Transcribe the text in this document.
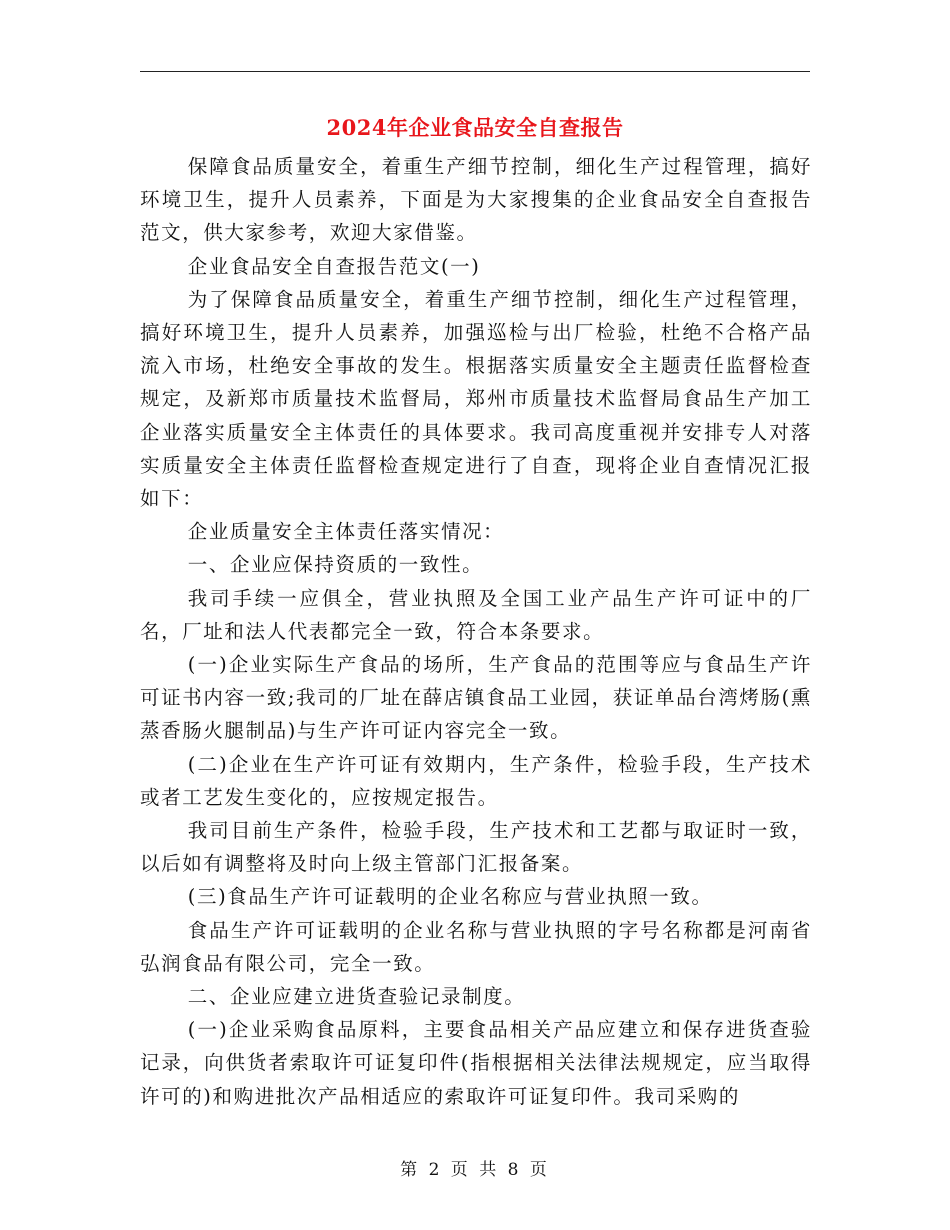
2024年企业食品安全自查报告

保障食品质量安全，着重生产细节控制，细化生产过程管理，搞好环境卫生，提升人员素养，下面是为大家搜集的企业食品安全自查报告范文，供大家参考，欢迎大家借鉴。

企业食品安全自查报告范文(一)

为了保障食品质量安全，着重生产细节控制，细化生产过程管理，搞好环境卫生，提升人员素养，加强巡检与出厂检验，杜绝不合格产品流入市场，杜绝安全事故的发生。根据落实质量安全主题责任监督检查规定，及新郑市质量技术监督局，郑州市质量技术监督局食品生产加工企业落实质量安全主体责任的具体要求。我司高度重视并安排专人对落实质量安全主体责任监督检查规定进行了自查，现将企业自查情况汇报如下：

企业质量安全主体责任落实情况：

一、企业应保持资质的一致性。

我司手续一应俱全，营业执照及全国工业产品生产许可证中的厂名，厂址和法人代表都完全一致，符合本条要求。

(一)企业实际生产食品的场所，生产食品的范围等应与食品生产许可证书内容一致;我司的厂址在薛店镇食品工业园，获证单品台湾烤肠(熏蒸香肠火腿制品)与生产许可证内容完全一致。

(二)企业在生产许可证有效期内，生产条件，检验手段，生产技术或者工艺发生变化的，应按规定报告。

我司目前生产条件，检验手段，生产技术和工艺都与取证时一致，以后如有调整将及时向上级主管部门汇报备案。

(三)食品生产许可证载明的企业名称应与营业执照一致。

食品生产许可证载明的企业名称与营业执照的字号名称都是河南省弘润食品有限公司，完全一致。

二、企业应建立进货查验记录制度。

(一)企业采购食品原料，主要食品相关产品应建立和保存进货查验记录，向供货者索取许可证复印件(指根据相关法律法规规定，应当取得许可的)和购进批次产品相适应的索取许可证复印件。我司采购的

第 2 页 共 8 页
